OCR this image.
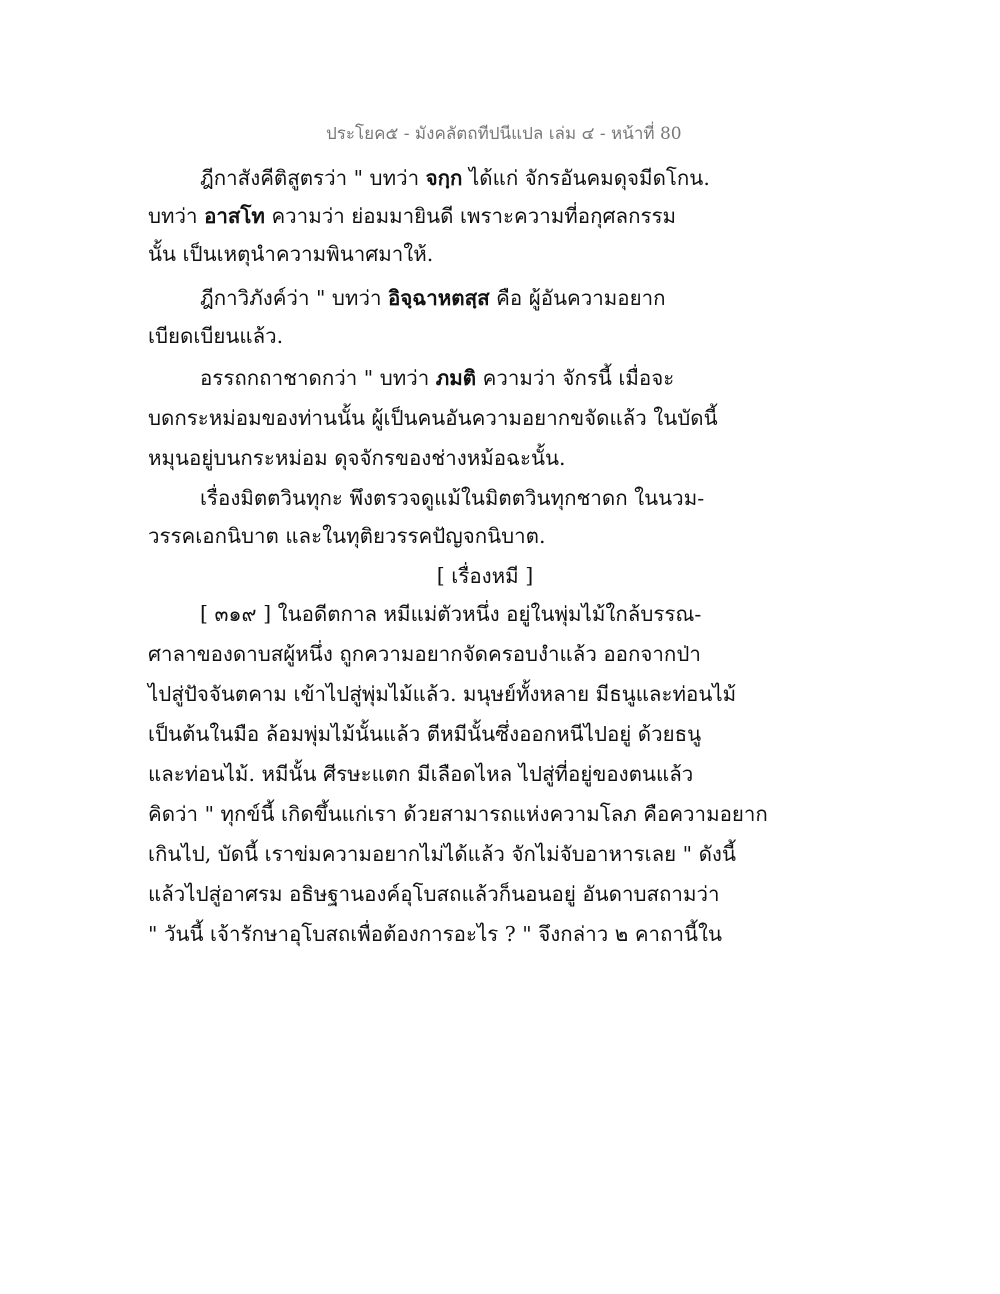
ประโยค๕ - มังคลัตถทีปนีแปล เล่ม ๔ - หน้าที่ 80
ฎีกาสังคีติสูตรว่า " บทว่า จกฺก ได้แก่ จักรอันคมดุจมีดโกน.
บทว่า อาสโท ความว่า ย่อมมายินดี เพราะความที่อกุศลกรรม
นั้น เป็นเหตุนำความพินาศมาให้.
ฎีกาวิภังค์ว่า " บทว่า อิจฺฉาหตสฺส คือ ผู้อันความอยาก
เบียดเบียนแล้ว.
อรรถกถาชาดกว่า " บทว่า ภมติ ความว่า จักรนี้ เมื่อจะ
บดกระหม่อมของท่านนั้น ผู้เป็นคนอันความอยากขจัดแล้ว ในบัดนี้
หมุนอยู่บนกระหม่อม ดุจจักรของช่างหม้อฉะนั้น.
เรื่องมิตตวินทุกะ พึงตรวจดูแม้ในมิตตวินทุกชาดก ในนวม-
วรรคเอกนิบาต และในทุติยวรรคปัญจกนิบาต.
[ เรื่องหมี ]
[ ๓๑๙ ] ในอดีตกาล หมีแม่ตัวหนึ่ง อยู่ในพุ่มไม้ใกล้บรรณ-
ศาลาของดาบสผู้หนึ่ง ถูกความอยากจัดครอบงำแล้ว ออกจากป่า
ไปสู่ปัจจันตคาม เข้าไปสู่พุ่มไม้แล้ว. มนุษย์ทั้งหลาย มีธนูและท่อนไม้
เป็นต้นในมือ ล้อมพุ่มไม้นั้นแล้ว ตีหมีนั้นซึ่งออกหนีไปอยู่ ด้วยธนู
และท่อนไม้. หมีนั้น ศีรษะแตก มีเลือดไหล ไปสู่ที่อยู่ของตนแล้ว
คิดว่า " ทุกข์นี้ เกิดขึ้นแก่เรา ด้วยสามารถแห่งความโลภ คือความอยาก
เกินไป, บัดนี้ เราข่มความอยากไม่ได้แล้ว จักไม่จับอาหารเลย " ดังนี้
แล้วไปสู่อาศรม อธิษฐานองค์อุโบสถแล้วก็นอนอยู่ อันดาบสถามว่า
" วันนี้ เจ้ารักษาอุโบสถเพื่อต้องการอะไร ? " จึงกล่าว ๒ คาถานี้ใน
